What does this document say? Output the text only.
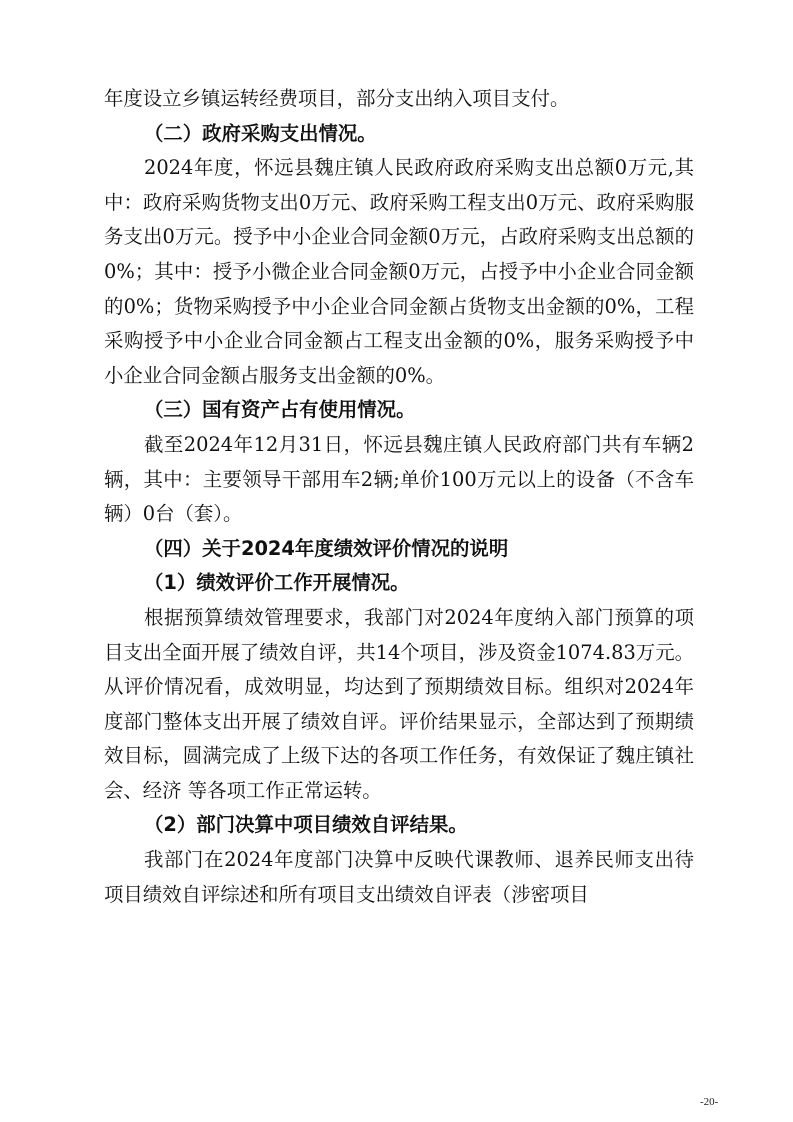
年度设立乡镇运转经费项目，部分支出纳入项目支付。

（二）政府采购支出情况。

2024年度，怀远县魏庄镇人民政府政府采购支出总额0万元,其中：政府采购货物支出0万元、政府采购工程支出0万元、政府采购服务支出0万元。授予中小企业合同金额0万元，占政府采购支出总额的0%；其中：授予小微企业合同金额0万元，占授予中小企业合同金额的0%；货物采购授予中小企业合同金额占货物支出金额的0%，工程采购授予中小企业合同金额占工程支出金额的0%，服务采购授予中小企业合同金额占服务支出金额的0%。

（三）国有资产占有使用情况。

截至2024年12月31日，怀远县魏庄镇人民政府部门共有车辆2辆，其中：主要领导干部用车2辆;单价100万元以上的设备（不含车辆）0台（套）。

（四）关于2024年度绩效评价情况的说明

（1）绩效评价工作开展情况。

根据预算绩效管理要求，我部门对2024年度纳入部门预算的项目支出全面开展了绩效自评，共14个项目，涉及资金1074.83万元。从评价情况看，成效明显，均达到了预期绩效目标。组织对2024年度部门整体支出开展了绩效自评。评价结果显示，全部达到了预期绩效目标，圆满完成了上级下达的各项工作任务，有效保证了魏庄镇社会、经济 等各项工作正常运转。

（2）部门决算中项目绩效自评结果。

我部门在2024年度部门决算中反映代课教师、退养民师支出待项目绩效自评综述和所有项目支出绩效自评表（涉密项目

-20-
